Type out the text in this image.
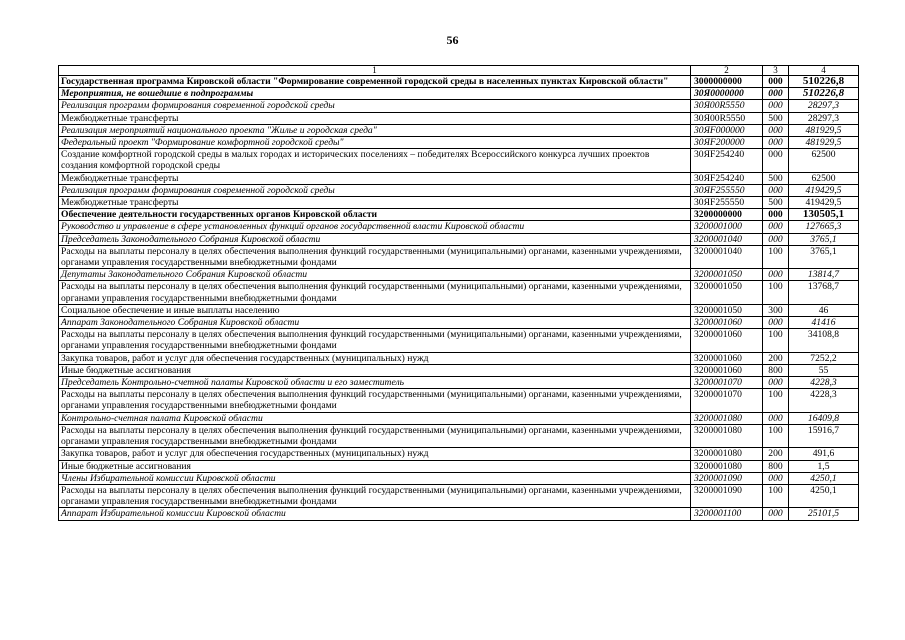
56
1	2	3	4
Государственная программа Кировской области "Формирование современной городской среды в населенных пунктах Кировской области"	3000000000	000	510226,8
Мероприятия, не вошедшие в подпрограммы	30Я0000000	000	510226,8
Реализация программ формирования современной городской среды	30Я00R5550	000	28297,3
Межбюджетные трансферты	30Я00R5550	500	28297,3
Реализация мероприятий национального проекта "Жилье и городская среда"	30ЯF000000	000	481929,5
Федеральный проект "Формирование комфортной городской среды"	30ЯF200000	000	481929,5
Создание комфортной городской среды в малых городах и исторических поселениях – победителях Всероссийского конкурса лучших проектов создания комфортной городской среды	30ЯF254240	000	62500
Межбюджетные трансферты	30ЯF254240	500	62500
Реализация программ формирования современной городской среды	30ЯF255550	000	419429,5
Межбюджетные трансферты	30ЯF255550	500	419429,5
Обеспечение деятельности государственных органов Кировской области	3200000000	000	130505,1
Руководство и управление в сфере установленных функций органов государственной власти Кировской области	3200001000	000	127665,3
Председатель Законодательного Собрания Кировской области	3200001040	000	3765,1
Расходы на выплаты персоналу в целях обеспечения выполнения функций государственными (муниципальными) органами, казенными учреждениями, органами управления государственными внебюджетными фондами	3200001040	100	3765,1
Депутаты Законодательного Собрания Кировской области	3200001050	000	13814,7
Расходы на выплаты персоналу в целях обеспечения выполнения функций государственными (муниципальными) органами, казенными учреждениями, органами управления государственными внебюджетными фондами	3200001050	100	13768,7
Социальное обеспечение и иные выплаты населению	3200001050	300	46
Аппарат Законодательного Собрания Кировской области	3200001060	000	41416
Расходы на выплаты персоналу в целях обеспечения выполнения функций государственными (муниципальными) органами, казенными учреждениями, органами управления государственными внебюджетными фондами	3200001060	100	34108,8
Закупка товаров, работ и услуг для обеспечения государственных (муниципальных) нужд	3200001060	200	7252,2
Иные бюджетные ассигнования	3200001060	800	55
Председатель Контрольно-счетной палаты Кировской области и его заместитель	3200001070	000	4228,3
Расходы на выплаты персоналу в целях обеспечения выполнения функций государственными (муниципальными) органами, казенными учреждениями, органами управления государственными внебюджетными фондами	3200001070	100	4228,3
Контрольно-счетная палата Кировской области	3200001080	000	16409,8
Расходы на выплаты персоналу в целях обеспечения выполнения функций государственными (муниципальными) органами, казенными учреждениями, органами управления государственными внебюджетными фондами	3200001080	100	15916,7
Закупка товаров, работ и услуг для обеспечения государственных (муниципальных) нужд	3200001080	200	491,6
Иные бюджетные ассигнования	3200001080	800	1,5
Члены Избирательной комиссии Кировской области	3200001090	000	4250,1
Расходы на выплаты персоналу в целях обеспечения выполнения функций государственными (муниципальными) органами, казенными учреждениями, органами управления государственными внебюджетными фондами	3200001090	100	4250,1
Аппарат Избирательной комиссии Кировской области	3200001100	000	25101,5
